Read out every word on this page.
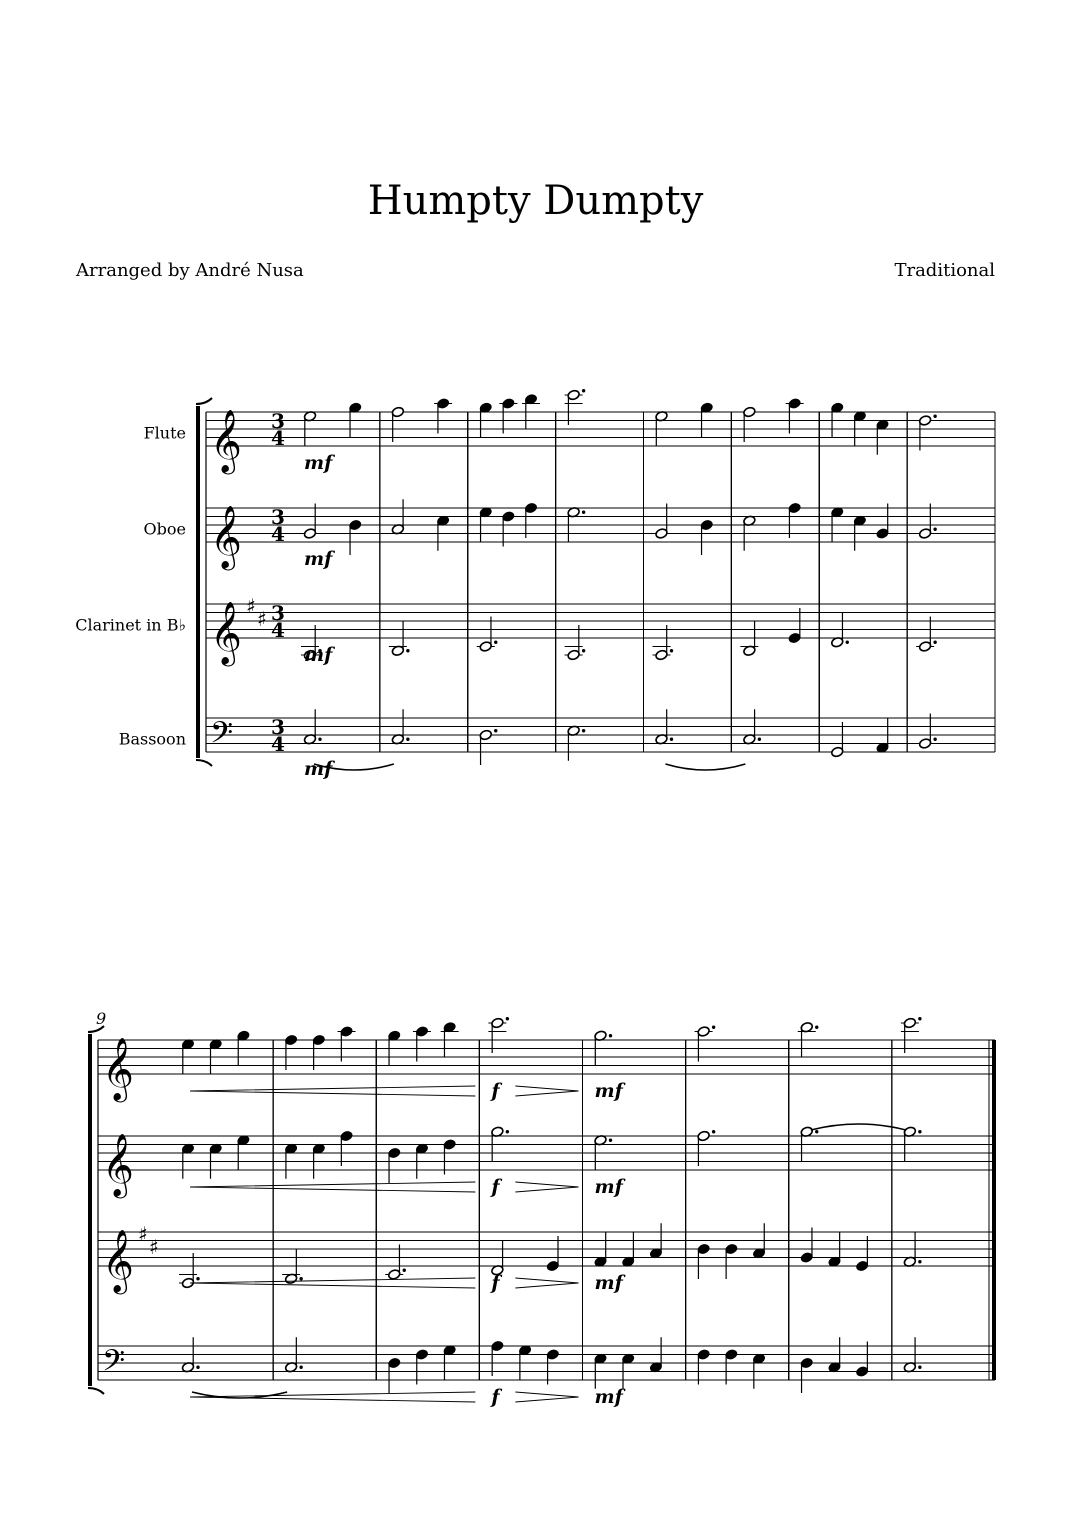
Humpty Dumpty
Arranged by André Nusa	Traditional
Flute 𝄞 3
4
mf
Oboe 𝄞 3
4
mf
Clarinet in B♭ 𝄞 ♯
♯ 3
4
mf
Bassoon 𝄢 3
4
mf
9
𝄞	f	mf
𝄞	f	mf
𝄞 ♯
♯
f	mf
𝄢
f	mf
